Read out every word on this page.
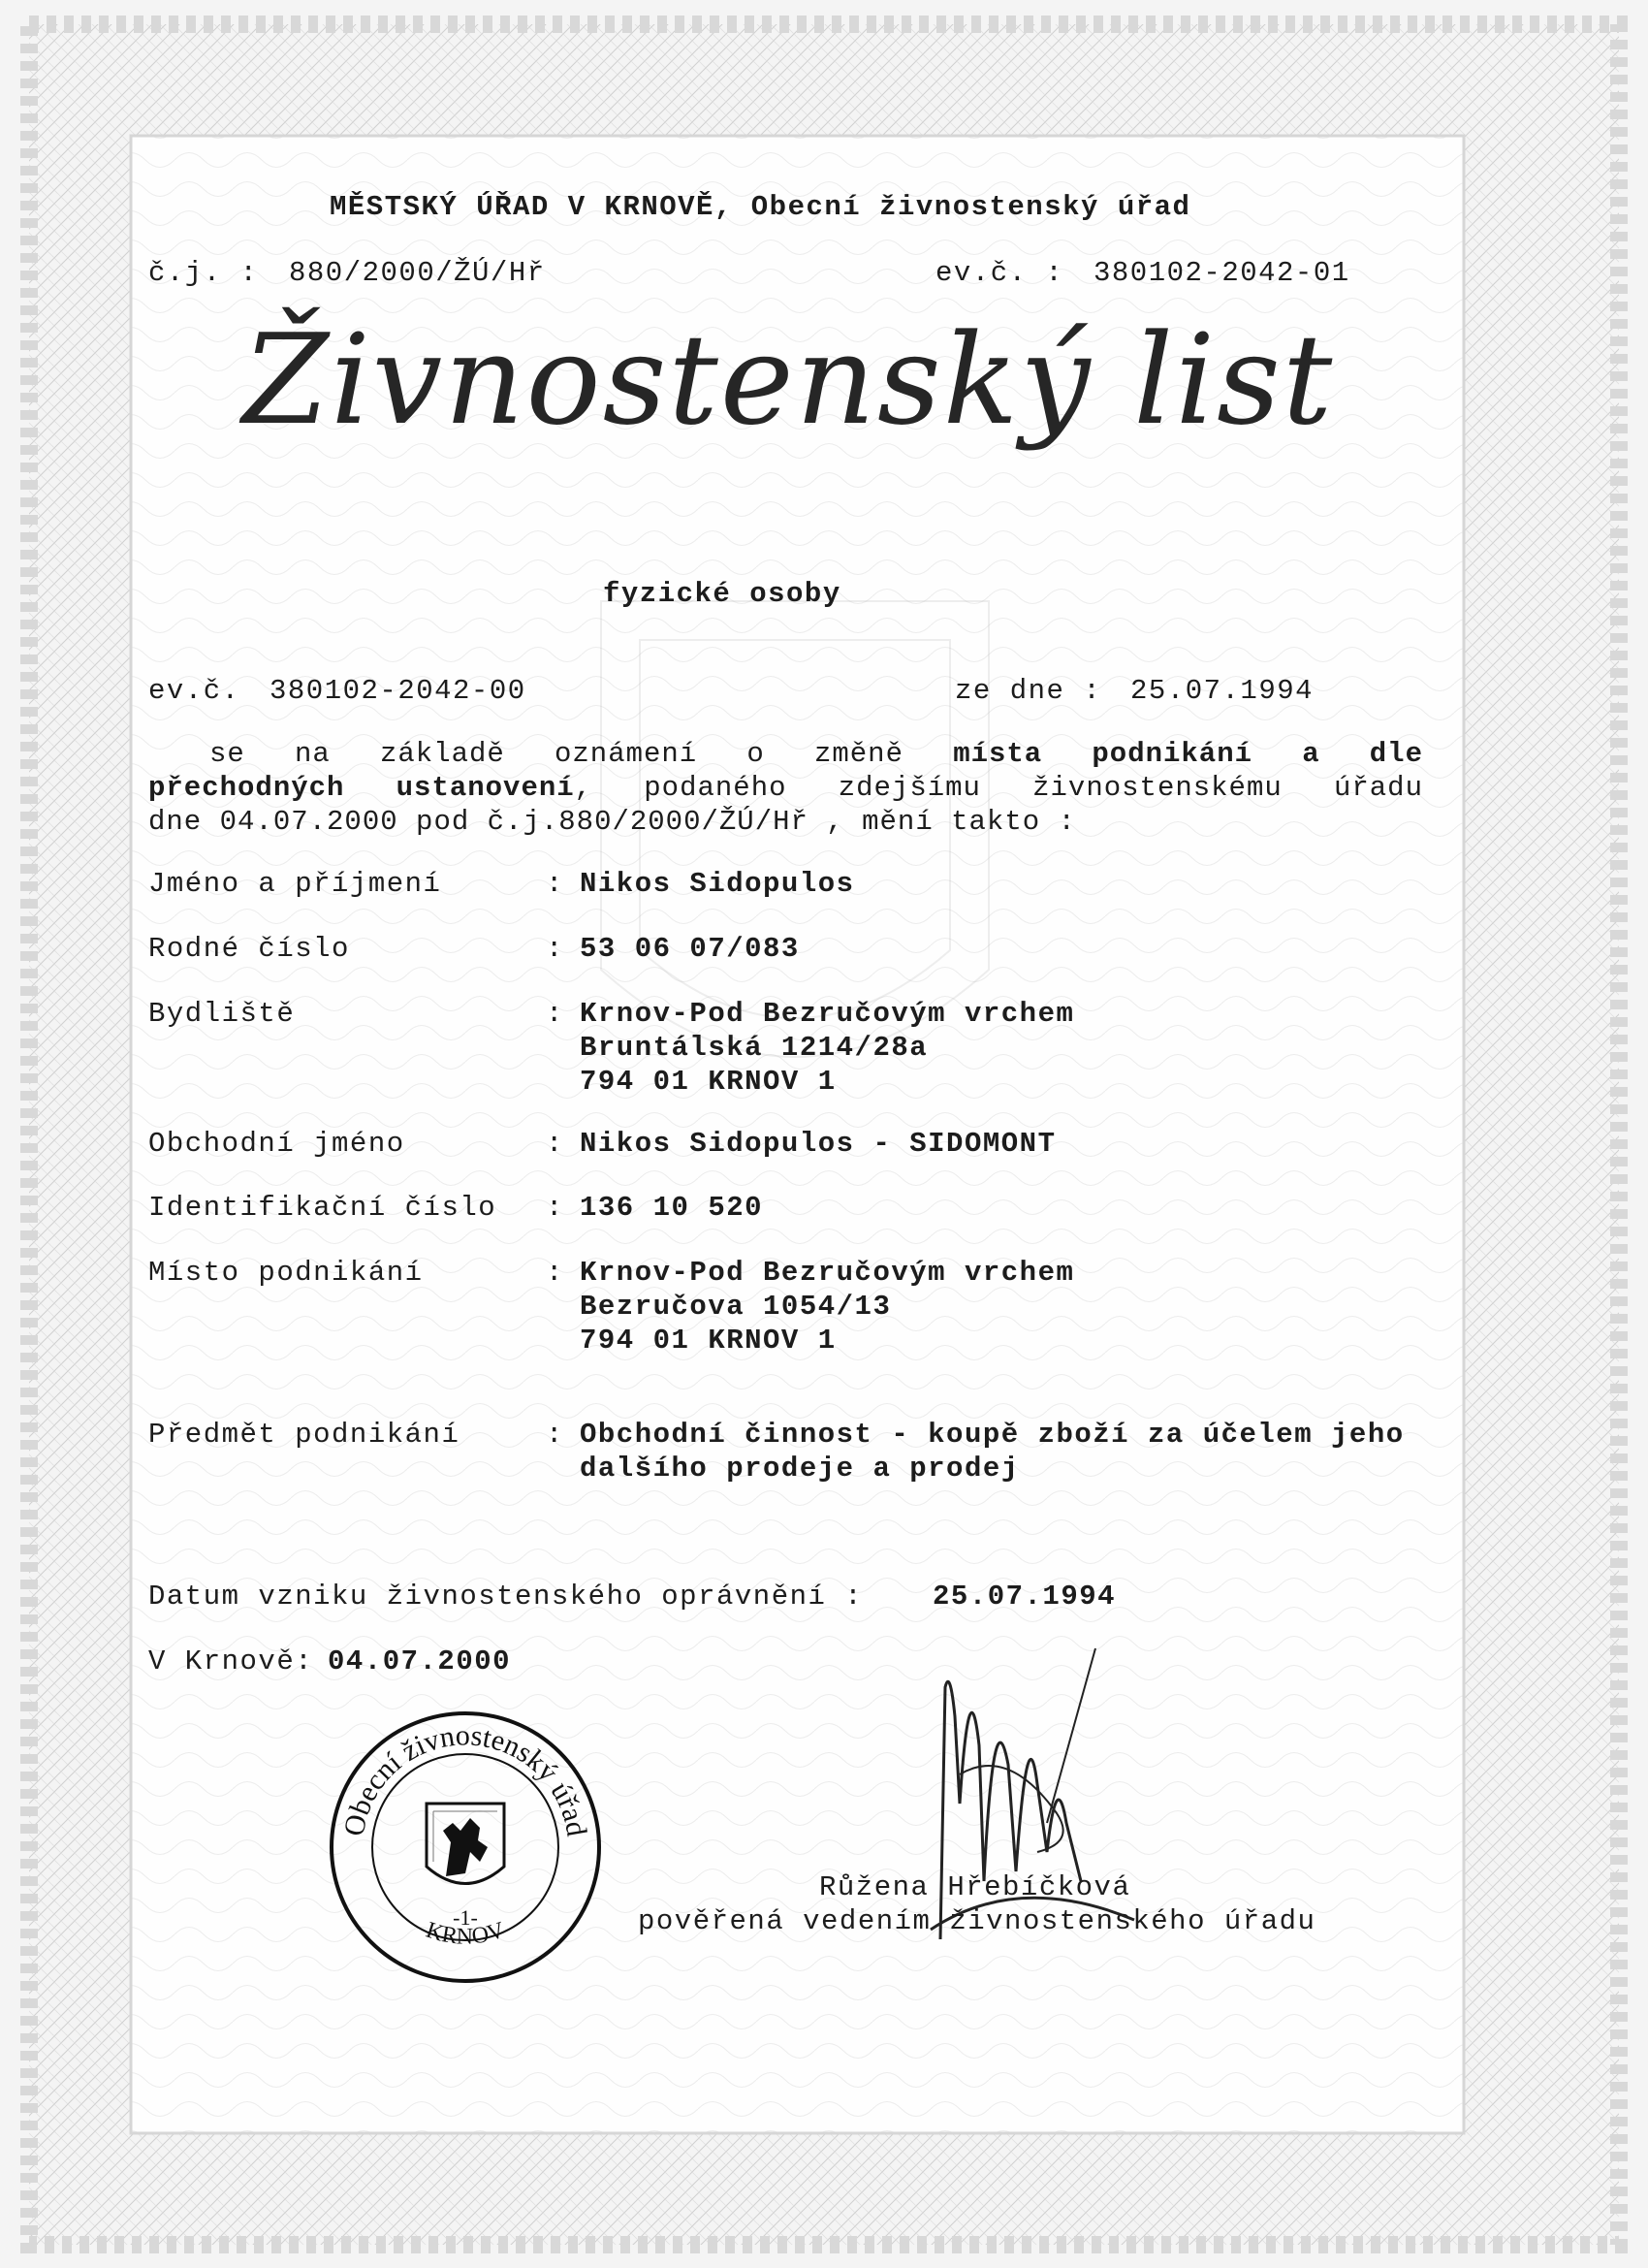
MĚSTSKÝ ÚŘAD V KRNOVĚ, Obecní živnostenský úřad
č.j. : 880/2000/ŽÚ/Hř	ev.č. : 380102-2042-01
Živnostenský list
fyzické osoby
ev.č. 380102-2042-00	ze dne : 25.07.1994
se na základě oznámení o změně místa podnikání a dle
přechodných ustanovení, podaného zdejšímu živnostenskému úřadu
dne 04.07.2000 pod č.j.880/2000/ŽÚ/Hř , mění takto :
Jméno a příjmení	: Nikos Sidopulos
Rodné číslo	: 53 06 07/083
Bydliště	: Krnov-Pod Bezručovým vrchem
Bruntálská 1214/28a
794 01 KRNOV 1
Obchodní jméno	: Nikos Sidopulos - SIDOMONT
Identifikační číslo : 136 10 520
Místo podnikání	: Krnov-Pod Bezručovým vrchem
Bezručova 1054/13
794 01 KRNOV 1
Předmět podnikání	: Obchodní činnost - koupě zboží za účelem jeho
dalšího prodeje a prodej
Datum vzniku živnostenského oprávnění : 25.07.1994
V Krnově: 04.07.2000
Obecní živnostenský úřad
KRNOV
-1-
Růžena Hřebíčková
pověřená vedením živnostenského úřadu
